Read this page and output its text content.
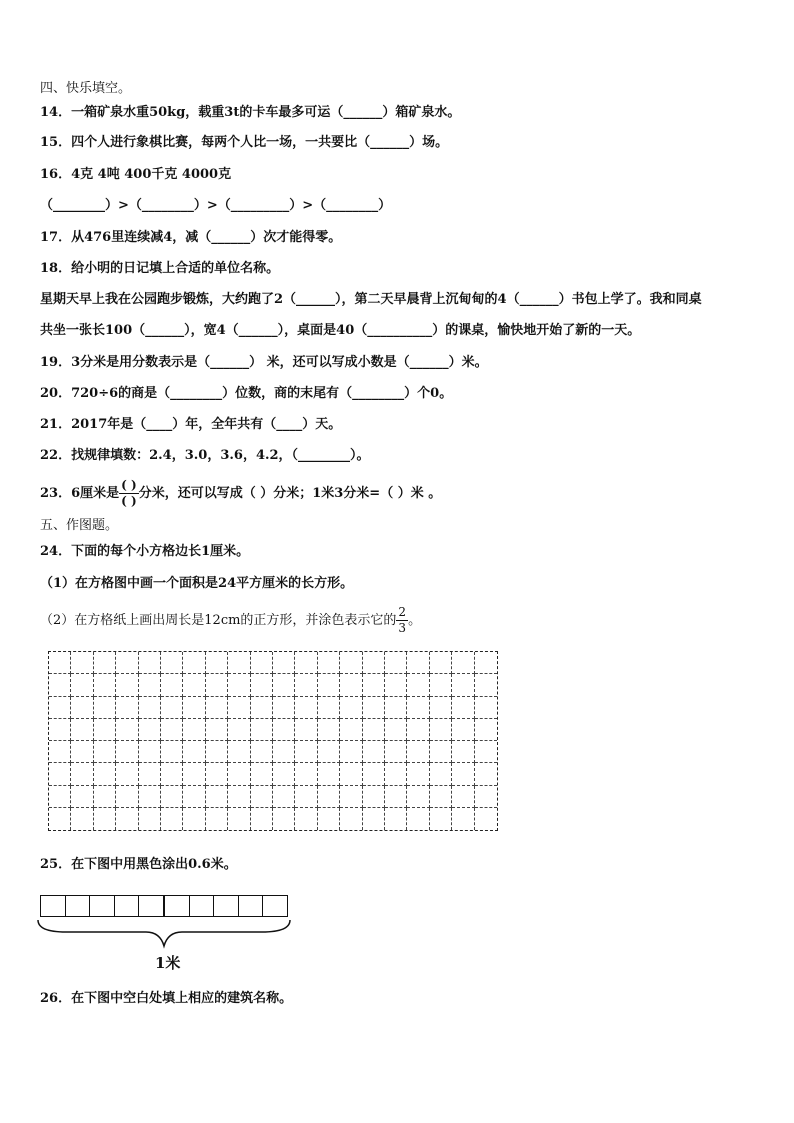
四、快乐填空。
14．一箱矿泉水重50kg，载重3t的卡车最多可运（______）箱矿泉水。
15．四个人进行象棋比赛，每两个人比一场，一共要比（______）场。
16．4克 4吨 400千克 4000克
（________）>（________）>（_________）>（________）
17．从476里连续减4，减（______）次才能得零。
18．给小明的日记填上合适的单位名称。
星期天早上我在公园跑步锻炼，大约跑了2（______），第二天早晨背上沉甸甸的4（______）书包上学了。我和同桌
共坐一张长100（______），宽4（______），桌面是40（__________）的课桌，愉快地开始了新的一天。
19．3分米是用分数表示是（______） 米，还可以写成小数是（______）米。
20．720÷6的商是（________）位数，商的末尾有（________）个0。
21．2017年是（____）年，全年共有（____）天。
22．找规律填数：2.4，3.0，3.6，4.2，（________）。
五、作图题。
24．下面的每个小方格边长1厘米。
（1）在方格图中画一个面积是24平方厘米的长方形。
25．在下图中用黑色涂出0.6米。
26．在下图中空白处填上相应的建筑名称。
23．6厘米是 $\frac{( )}{( )}$ 分米，还可以写成（ ）分米；1米3分米=（ ）米 。
（2）在方格纸上画出周长是12cm的正方形，并涂色表示它的 $\frac{2}{3}$ 。
1米
